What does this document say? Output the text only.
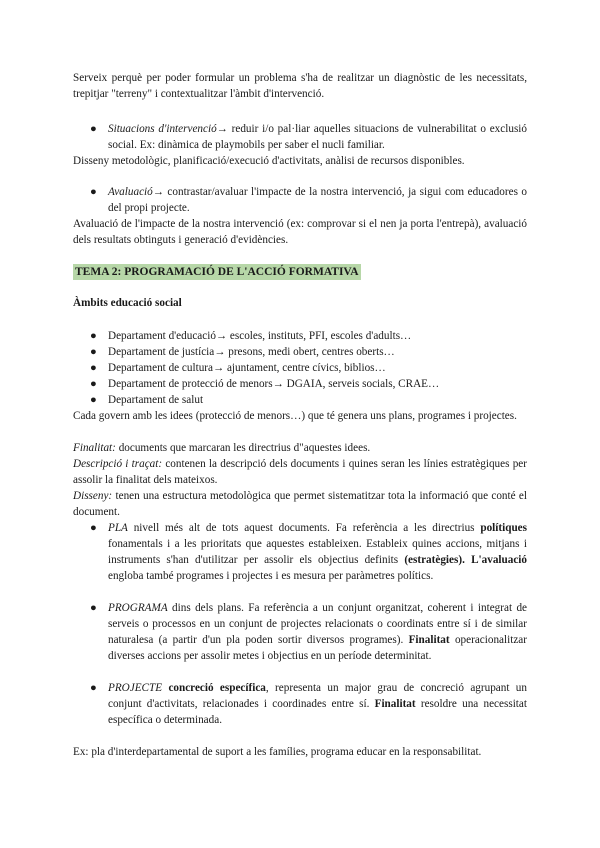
Serveix perquè per poder formular un problema s'ha de realitzar un diagnòstic de les necessitats, trepitjar "terreny" i contextualitzar l'àmbit d'intervenció.

● Situacions d'intervenció→ reduir i/o pal·liar aquelles situacions de vulnerabilitat o exclusió social. Ex: dinàmica de playmobils per saber el nucli familiar.

Disseny metodològic, planificació/execució d'activitats, anàlisi de recursos disponibles.

● Avaluació→ contrastar/avaluar l'impacte de la nostra intervenció, ja sigui com educadores o del propi projecte.

Avaluació de l'impacte de la nostra intervenció (ex: comprovar si el nen ja porta l'entrepà), avaluació dels resultats obtinguts i generació d'evidències.

TEMA 2: PROGRAMACIÓ DE L'ACCIÓ FORMATIVA

Àmbits educació social

● Departament d'educació→ escoles, instituts, PFI, escoles d'adults…

● Departament de justícia→ presons, medi obert, centres oberts…

● Departament de cultura→ ajuntament, centre cívics, biblios…

● Departament de protecció de menors→ DGAIA, serveis socials, CRAE…

● Departament de salut

Cada govern amb les idees (protecció de menors…) que té genera uns plans, programes i projectes.

Finalitat: documents que marcaran les directrius d"aquestes idees.

Descripció i traçat: contenen la descripció dels documents i quines seran les línies estratègiques per assolir la finalitat dels mateixos.

Disseny: tenen una estructura metodològica que permet sistematitzar tota la informació que conté el document.

● PLA nivell més alt de tots aquest documents. Fa referència a les directrius polítiques fonamentals i a les prioritats que aquestes estableixen. Estableix quines accions, mitjans i instruments s'han d'utilitzar per assolir els objectius definits (estratègies). L'avaluació engloba també programes i projectes i es mesura per paràmetres polítics.

● PROGRAMA dins dels plans. Fa referència a un conjunt organitzat, coherent i integrat de serveis o processos en un conjunt de projectes relacionats o coordinats entre sí i de similar naturalesa (a partir d'un pla poden sortir diversos programes). Finalitat operacionalitzar diverses accions per assolir metes i objectius en un període determinitat.

● PROJECTE concreció específica, representa un major grau de concreció agrupant un conjunt d'activitats, relacionades i coordinades entre sí. Finalitat resoldre una necessitat específica o determinada.

Ex: pla d'interdepartamental de suport a les famílies, programa educar en la responsabilitat.
